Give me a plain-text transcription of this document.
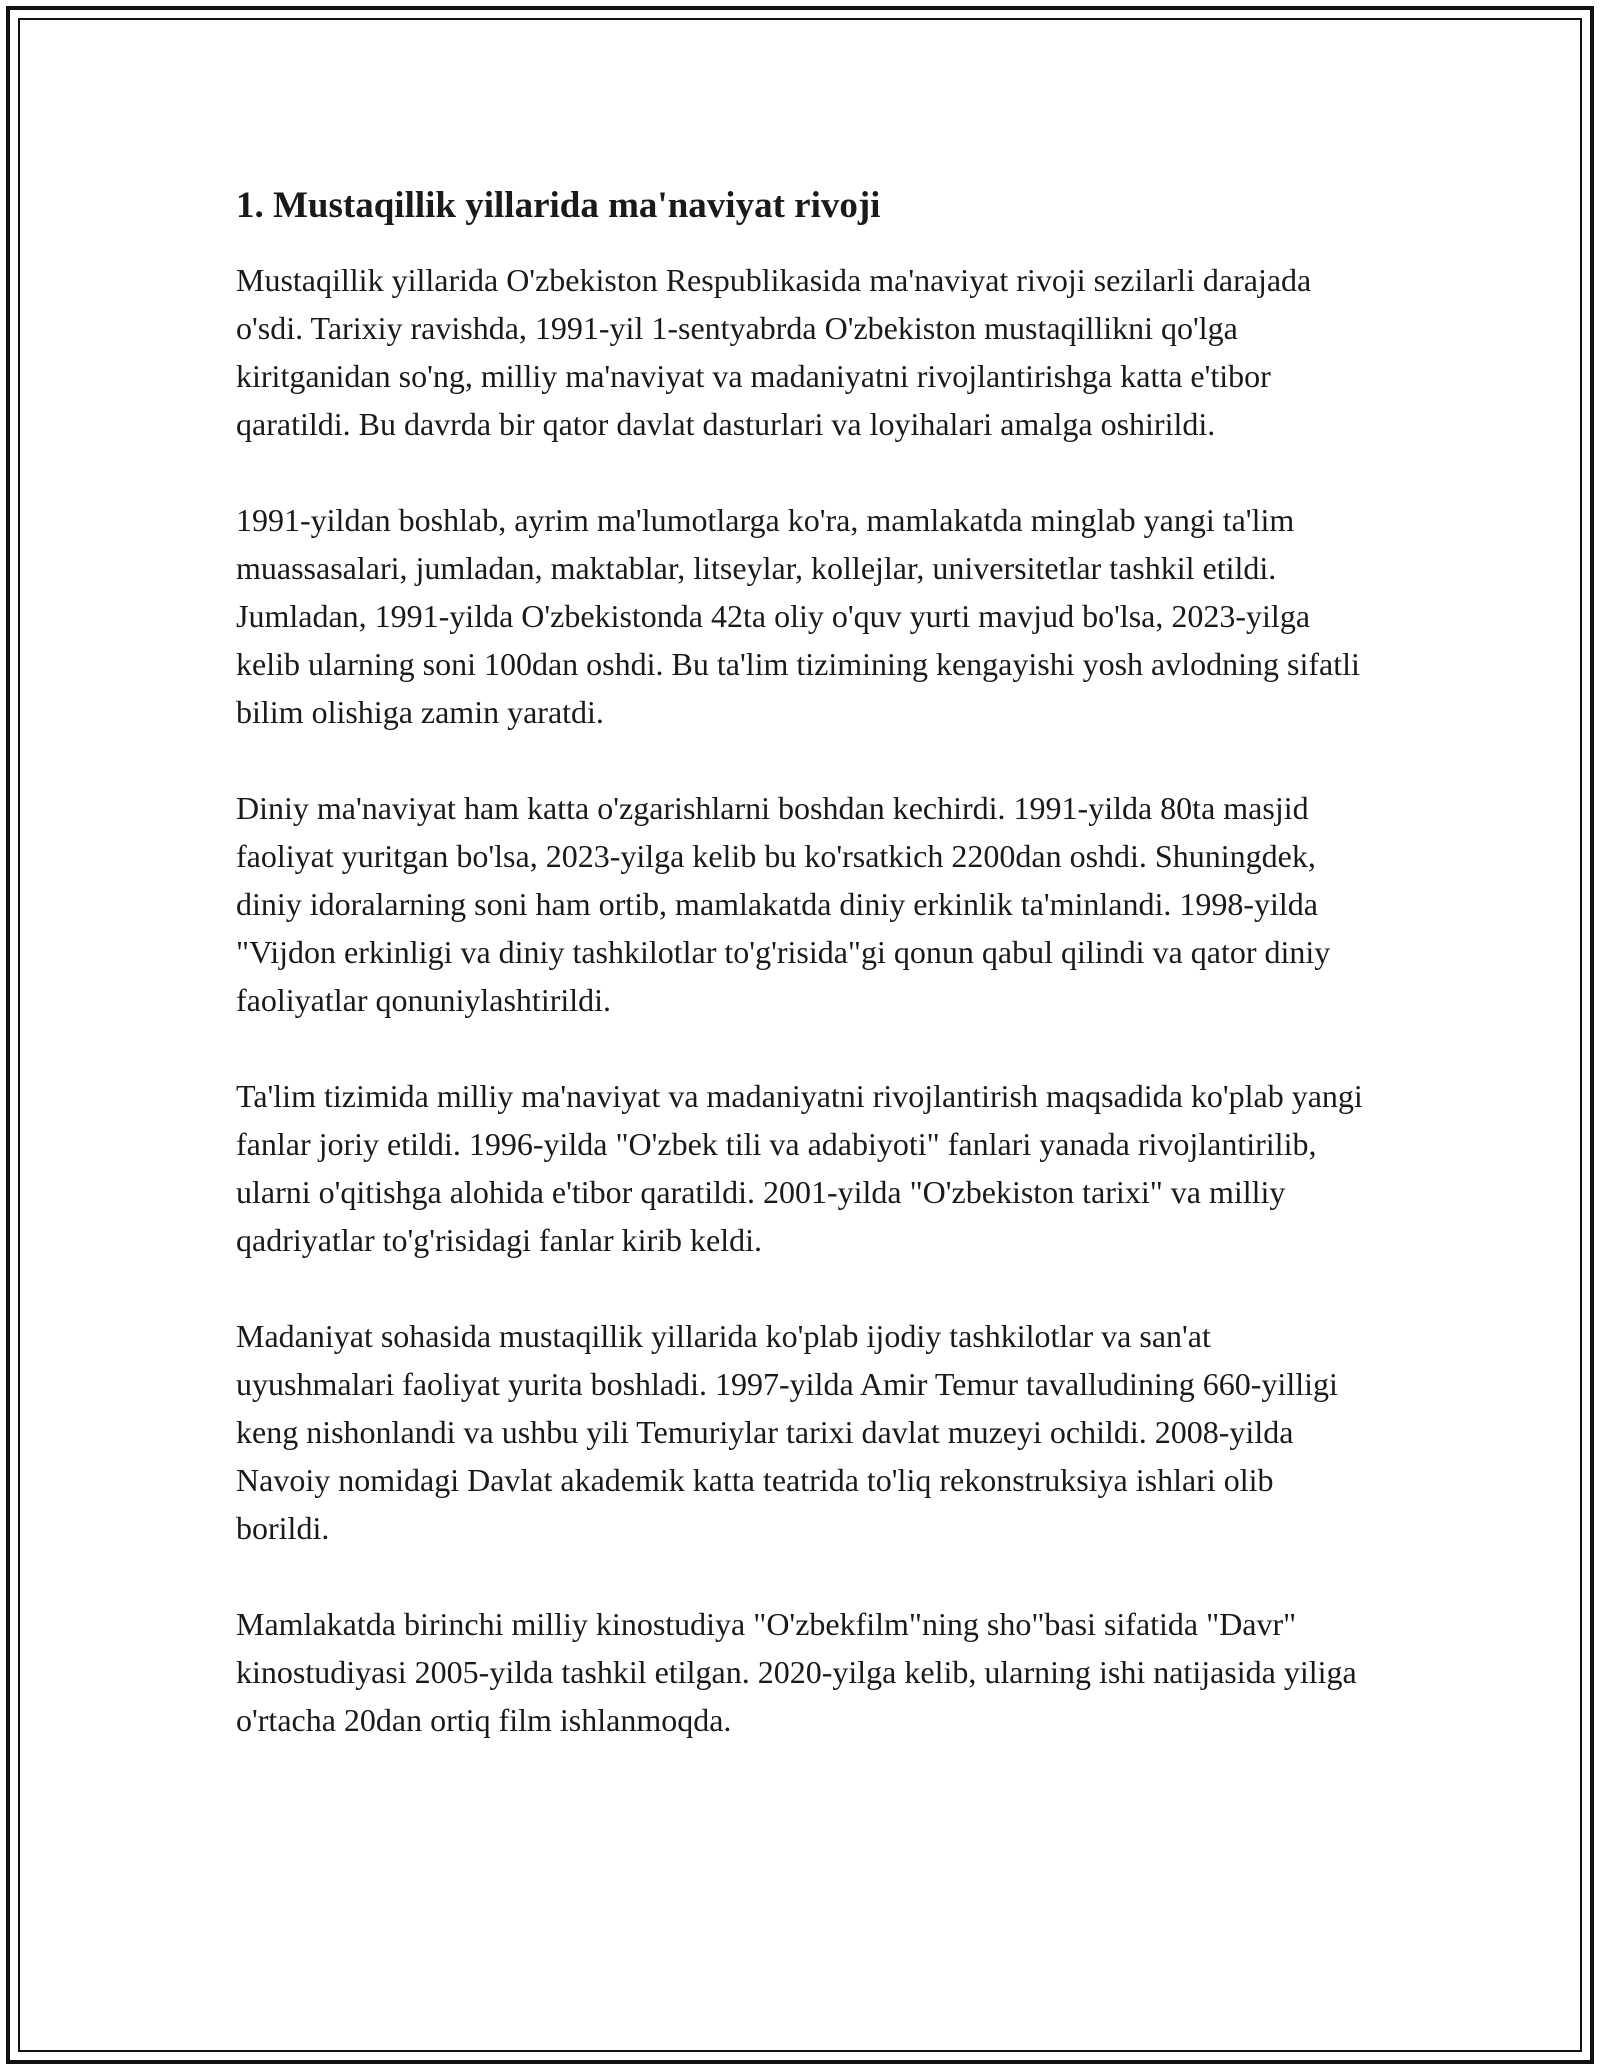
1. Mustaqillik yillarida ma'naviyat rivoji

Mustaqillik yillarida O'zbekiston Respublikasida ma'naviyat rivoji sezilarli darajada o'sdi. Tarixiy ravishda, 1991-yil 1-sentyabrda O'zbekiston mustaqillikni qo'lga kiritganidan so'ng, milliy ma'naviyat va madaniyatni rivojlantirishga katta e'tibor qaratildi. Bu davrda bir qator davlat dasturlari va loyihalari amalga oshirildi.

1991-yildan boshlab, ayrim ma'lumotlarga ko'ra, mamlakatda minglab yangi ta'lim muassasalari, jumladan, maktablar, litseylar, kollejlar, universitetlar tashkil etildi. Jumladan, 1991-yilda O'zbekistonda 42ta oliy o'quv yurti mavjud bo'lsa, 2023-yilga kelib ularning soni 100dan oshdi. Bu ta'lim tizimining kengayishi yosh avlodning sifatli bilim olishiga zamin yaratdi.

Diniy ma'naviyat ham katta o'zgarishlarni boshdan kechirdi. 1991-yilda 80ta masjid faoliyat yuritgan bo'lsa, 2023-yilga kelib bu ko'rsatkich 2200dan oshdi. Shuningdek, diniy idoralarning soni ham ortib, mamlakatda diniy erkinlik ta'minlandi. 1998-yilda "Vijdon erkinligi va diniy tashkilotlar to'g'risida"gi qonun qabul qilindi va qator diniy faoliyatlar qonuniylashtirildi.

Ta'lim tizimida milliy ma'naviyat va madaniyatni rivojlantirish maqsadida ko'plab yangi fanlar joriy etildi. 1996-yilda "O'zbek tili va adabiyoti" fanlari yanada rivojlantirilib, ularni o'qitishga alohida e'tibor qaratildi. 2001-yilda "O'zbekiston tarixi" va milliy qadriyatlar to'g'risidagi fanlar kirib keldi.

Madaniyat sohasida mustaqillik yillarida ko'plab ijodiy tashkilotlar va san'at uyushmalari faoliyat yurita boshladi. 1997-yilda Amir Temur tavalludining 660-yilligi keng nishonlandi va ushbu yili Temuriylar tarixi davlat muzeyi ochildi. 2008-yilda Navoiy nomidagi Davlat akademik katta teatrida to'liq rekonstruksiya ishlari olib borildi.

Mamlakatda birinchi milliy kinostudiya "O'zbekfilm"ning sho"basi sifatida "Davr" kinostudiyasi 2005-yilda tashkil etilgan. 2020-yilga kelib, ularning ishi natijasida yiliga o'rtacha 20dan ortiq film ishlanmoqda.
